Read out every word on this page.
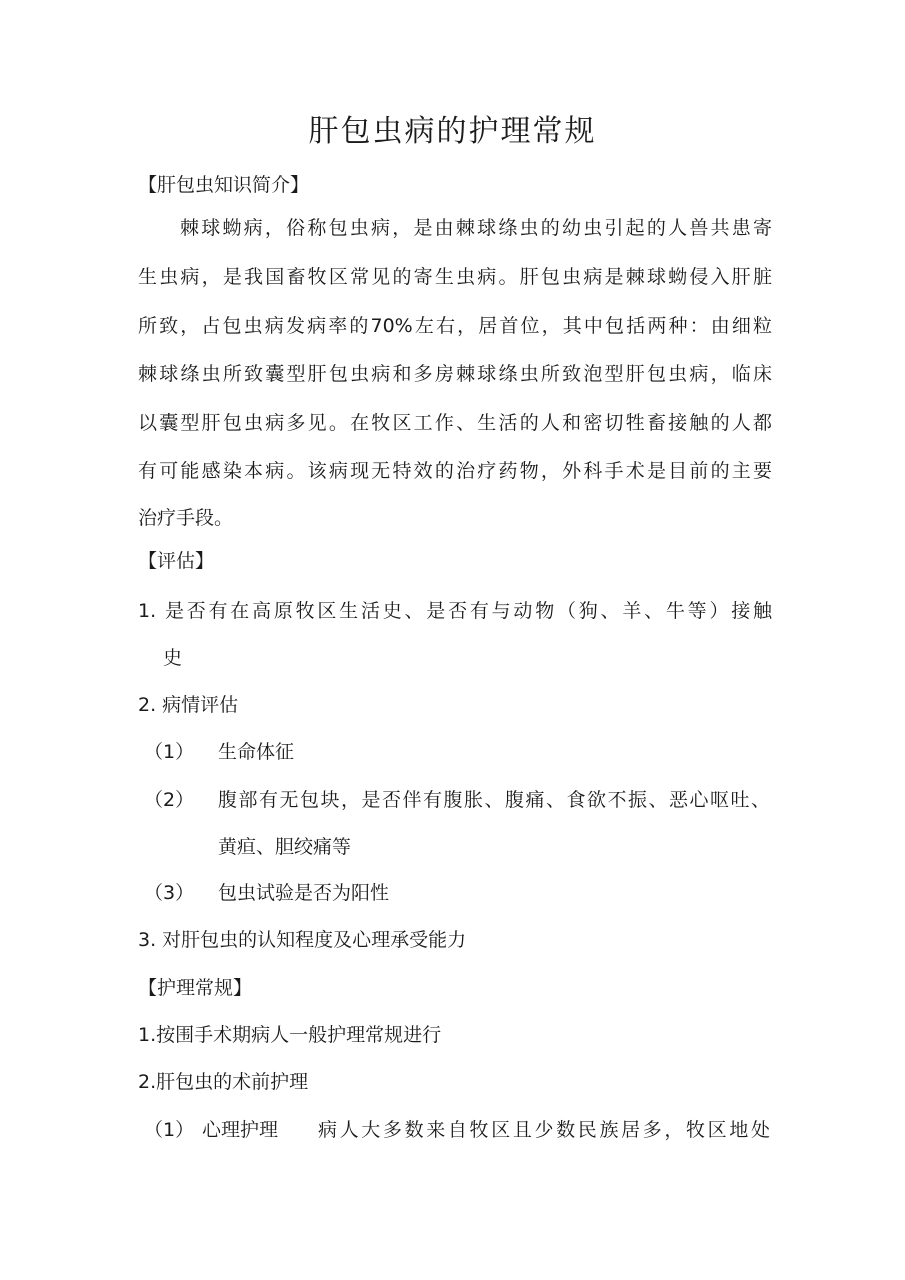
肝包虫病的护理常规
【肝包虫知识简介】
棘球蚴病，俗称包虫病，是由棘球绦虫的幼虫引起的人兽共患寄
生虫病，是我国畜牧区常见的寄生虫病。肝包虫病是棘球蚴侵入肝脏
所致，占包虫病发病率的70%左右，居首位，其中包括两种：由细粒
棘球绦虫所致囊型肝包虫病和多房棘球绦虫所致泡型肝包虫病，临床
以囊型肝包虫病多见。在牧区工作、生活的人和密切牲畜接触的人都
有可能感染本病。该病现无特效的治疗药物，外科手术是目前的主要
治疗手段。
【评估】
1. 是否有在高原牧区生活史、是否有与动物（狗、羊、牛等）接触
史
2. 病情评估
（1） 生命体征
（2） 腹部有无包块，是否伴有腹胀、腹痛、食欲不振、恶心呕吐、
黄疸、胆绞痛等
（3） 包虫试验是否为阳性
3. 对肝包虫的认知程度及心理承受能力
【护理常规】
1.按围手术期病人一般护理常规进行
2.肝包虫的术前护理
（1） 心理护理 病人大多数来自牧区且少数民族居多，牧区地处
